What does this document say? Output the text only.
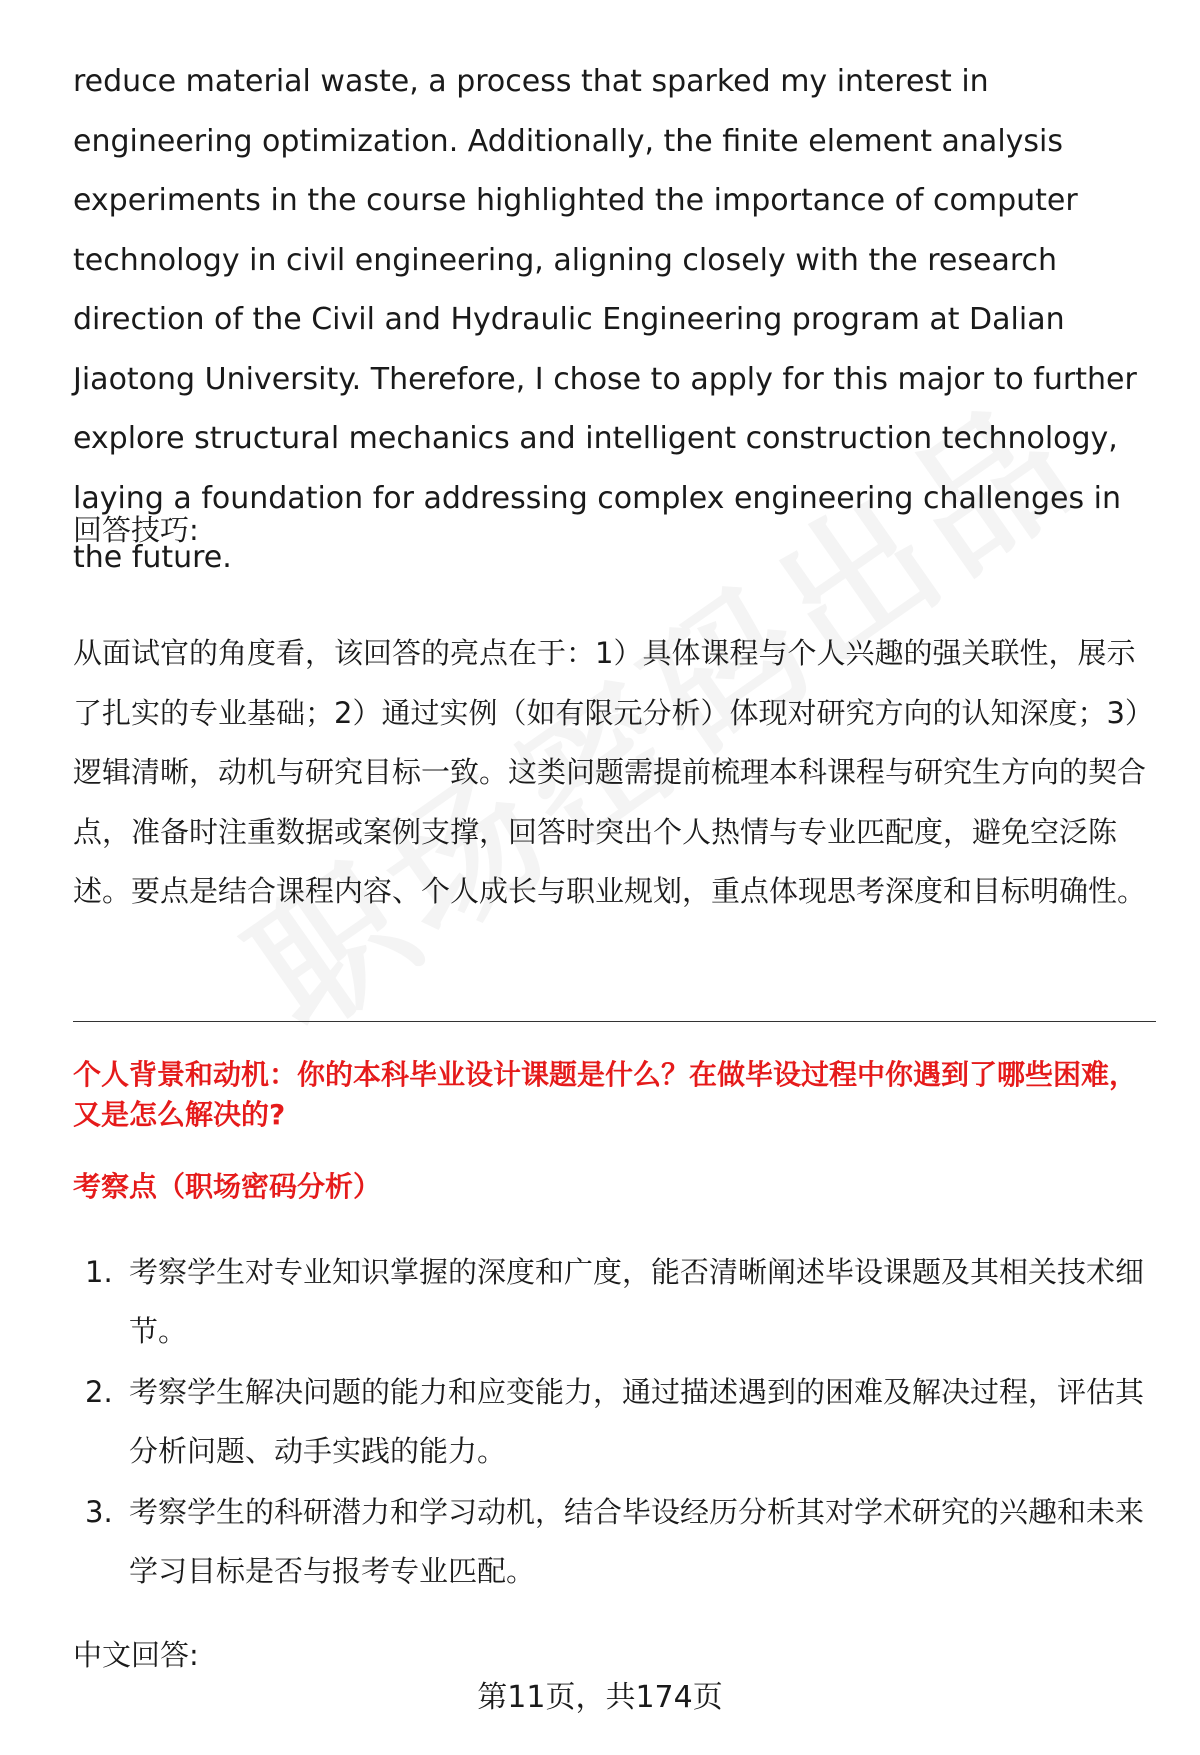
reduce material waste, a process that sparked my interest in engineering optimization. Additionally, the finite element analysis experiments in the course highlighted the importance of computer technology in civil engineering, aligning closely with the research direction of the Civil and Hydraulic Engineering program at Dalian Jiaotong University. Therefore, I chose to apply for this major to further explore structural mechanics and intelligent construction technology, laying a foundation for addressing complex engineering challenges in the future.

回答技巧:

从面试官的角度看，该回答的亮点在于：1）具体课程与个人兴趣的强关联性，展示了扎实的专业基础；2）通过实例（如有限元分析）体现对研究方向的认知深度；3）逻辑清晰，动机与研究目标一致。这类问题需提前梳理本科课程与研究生方向的契合点，准备时注重数据或案例支撑，回答时突出个人热情与专业匹配度，避免空泛陈述。要点是结合课程内容、个人成长与职业规划，重点体现思考深度和目标明确性。

个人背景和动机：你的本科毕业设计课题是什么？在做毕设过程中你遇到了哪些困难，又是怎么解决的?

考察点（职场密码分析）

1. 考察学生对专业知识掌握的深度和广度，能否清晰阐述毕设课题及其相关技术细节。
2. 考察学生解决问题的能力和应变能力，通过描述遇到的困难及解决过程，评估其分析问题、动手实践的能力。
3. 考察学生的科研潜力和学习动机，结合毕设经历分析其对学术研究的兴趣和未来学习目标是否与报考专业匹配。

中文回答:

第11页，共174页
